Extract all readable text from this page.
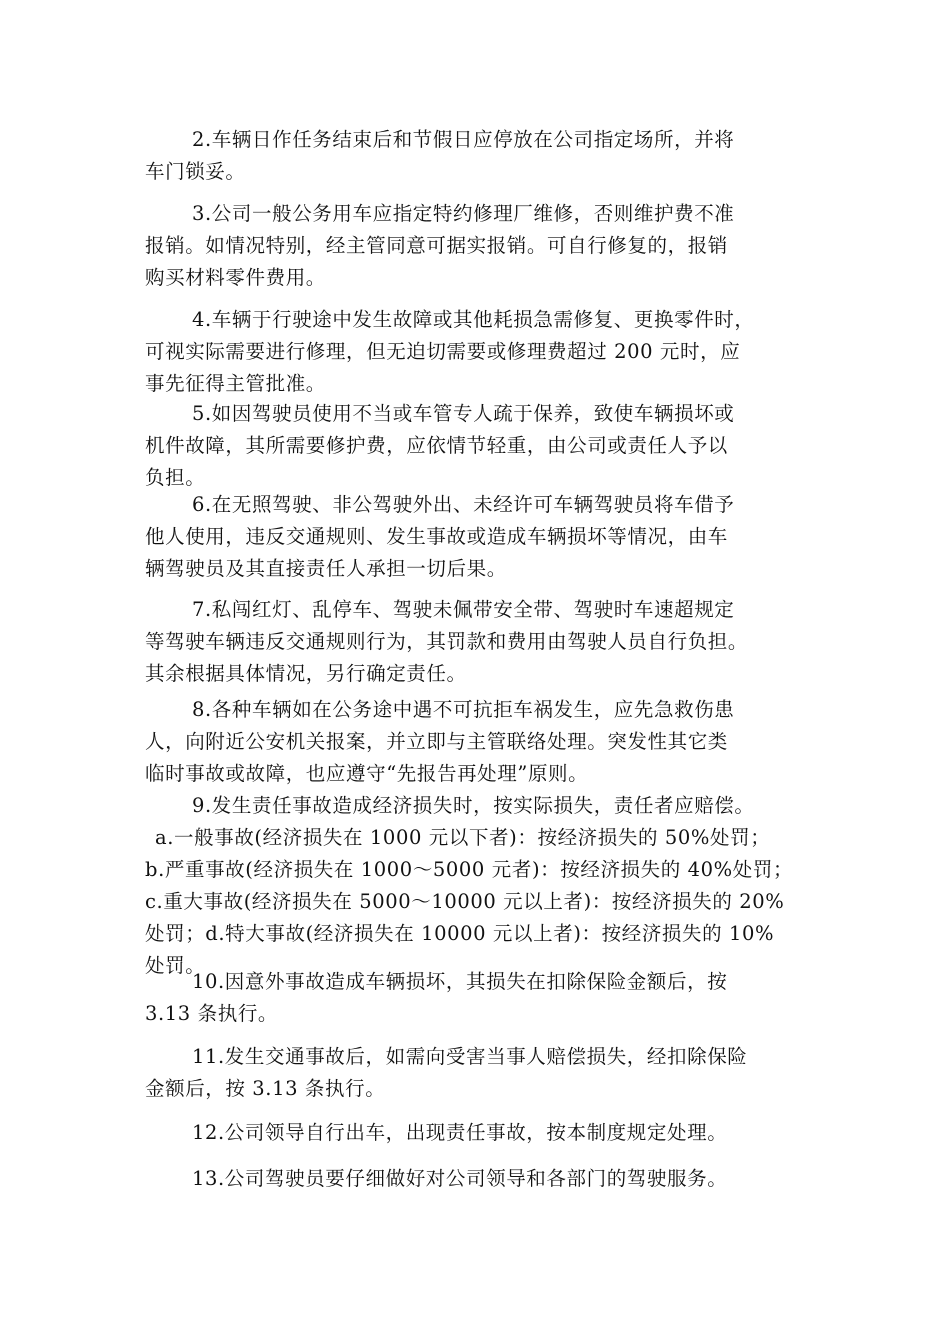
2.车辆日作任务结束后和节假日应停放在公司指定场所，并将
车门锁妥。

3.公司一般公务用车应指定特约修理厂维修，否则维护费不准
报销。如情况特别，经主管同意可据实报销。可自行修复的，报销
购买材料零件费用。

4.车辆于行驶途中发生故障或其他耗损急需修复、更换零件时，
可视实际需要进行修理，但无迫切需要或修理费超过 200 元时，应
事先征得主管批准。

5.如因驾驶员使用不当或车管专人疏于保养，致使车辆损坏或
机件故障，其所需要修护费，应依情节轻重，由公司或责任人予以
负担。

6.在无照驾驶、非公驾驶外出、未经许可车辆驾驶员将车借予
他人使用，违反交通规则、发生事故或造成车辆损坏等情况，由车
辆驾驶员及其直接责任人承担一切后果。

7.私闯红灯、乱停车、驾驶未佩带安全带、驾驶时车速超规定
等驾驶车辆违反交通规则行为，其罚款和费用由驾驶人员自行负担。
其余根据具体情况，另行确定责任。

8.各种车辆如在公务途中遇不可抗拒车祸发生，应先急救伤患
人，向附近公安机关报案，并立即与主管联络处理。突发性其它类
临时事故或故障，也应遵守“先报告再处理”原则。

9.发生责任事故造成经济损失时，按实际损失，责任者应赔偿。
a.一般事故(经济损失在 1000 元以下者)：按经济损失的 50%处罚；
b.严重事故(经济损失在 1000～5000 元者)：按经济损失的 40%处罚；
c.重大事故(经济损失在 5000～10000 元以上者)：按经济损失的 20%
处罚；d.特大事故(经济损失在 10000 元以上者)：按经济损失的 10%
处罚。

10.因意外事故造成车辆损坏，其损失在扣除保险金额后，按
3.13 条执行。

11.发生交通事故后，如需向受害当事人赔偿损失，经扣除保险
金额后，按 3.13 条执行。

12.公司领导自行出车，出现责任事故，按本制度规定处理。

13.公司驾驶员要仔细做好对公司领导和各部门的驾驶服务。
